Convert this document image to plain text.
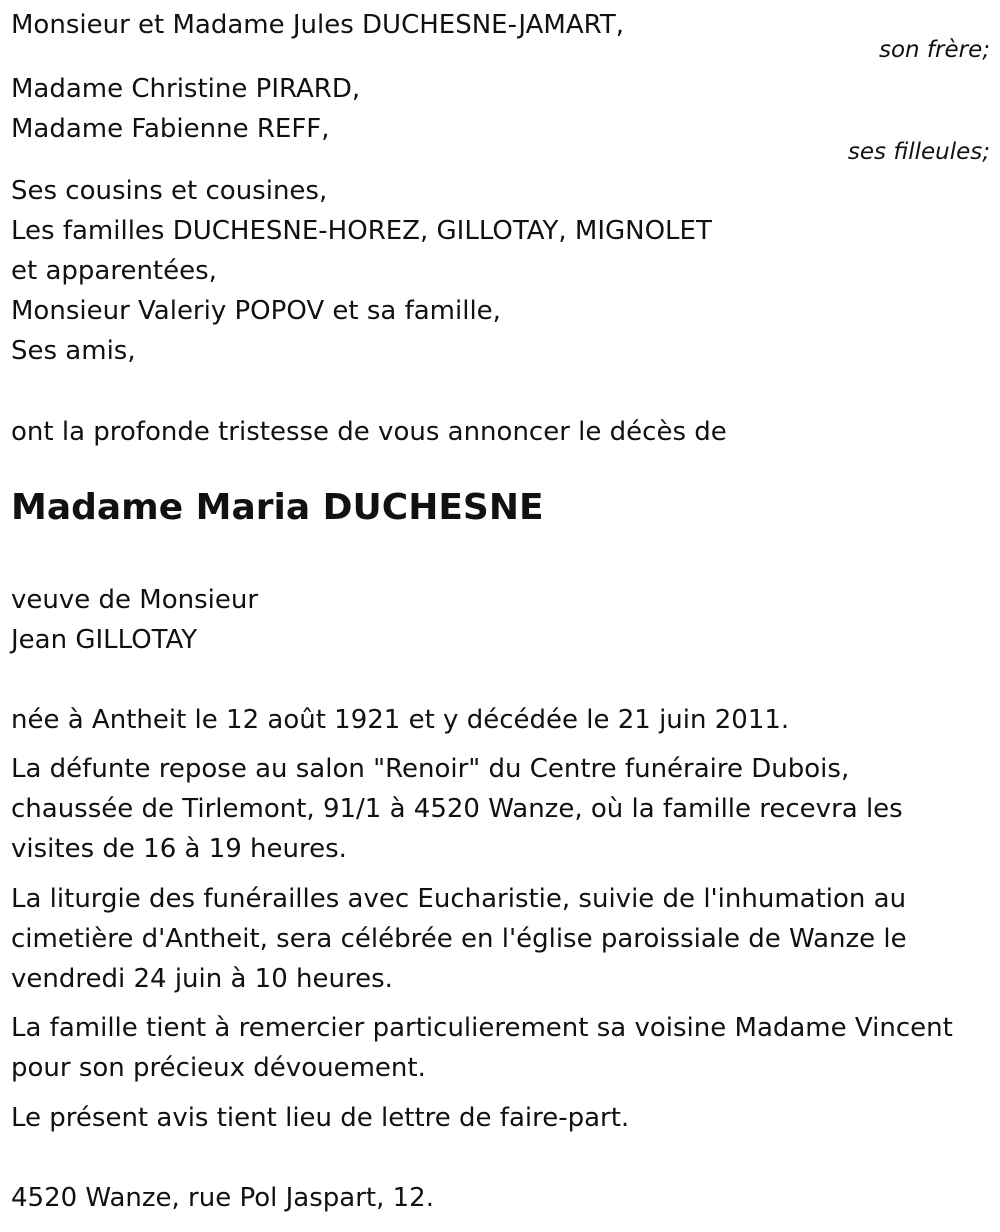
Monsieur et Madame Jules DUCHESNE-JAMART,
son frère;
Madame Christine PIRARD,
Madame Fabienne REFF,
ses filleules;
Ses cousins et cousines,
Les familles DUCHESNE-HOREZ, GILLOTAY, MIGNOLET
et apparentées,
Monsieur Valeriy POPOV et sa famille,
Ses amis,
ont la profonde tristesse de vous annoncer le décès de
Madame Maria DUCHESNE
veuve de Monsieur
Jean GILLOTAY
née à Antheit le 12 août 1921 et y décédée le 21 juin 2011.
La défunte repose au salon "Renoir" du Centre funéraire Dubois,
chaussée de Tirlemont, 91/1 à 4520 Wanze, où la famille recevra les
visites de 16 à 19 heures.
La liturgie des funérailles avec Eucharistie, suivie de l'inhumation au
cimetière d'Antheit, sera célébrée en l'église paroissiale de Wanze le
vendredi 24 juin à 10 heures.
La famille tient à remercier particulierement sa voisine Madame Vincent
pour son précieux dévouement.
Le présent avis tient lieu de lettre de faire-part.
4520 Wanze, rue Pol Jaspart, 12.
